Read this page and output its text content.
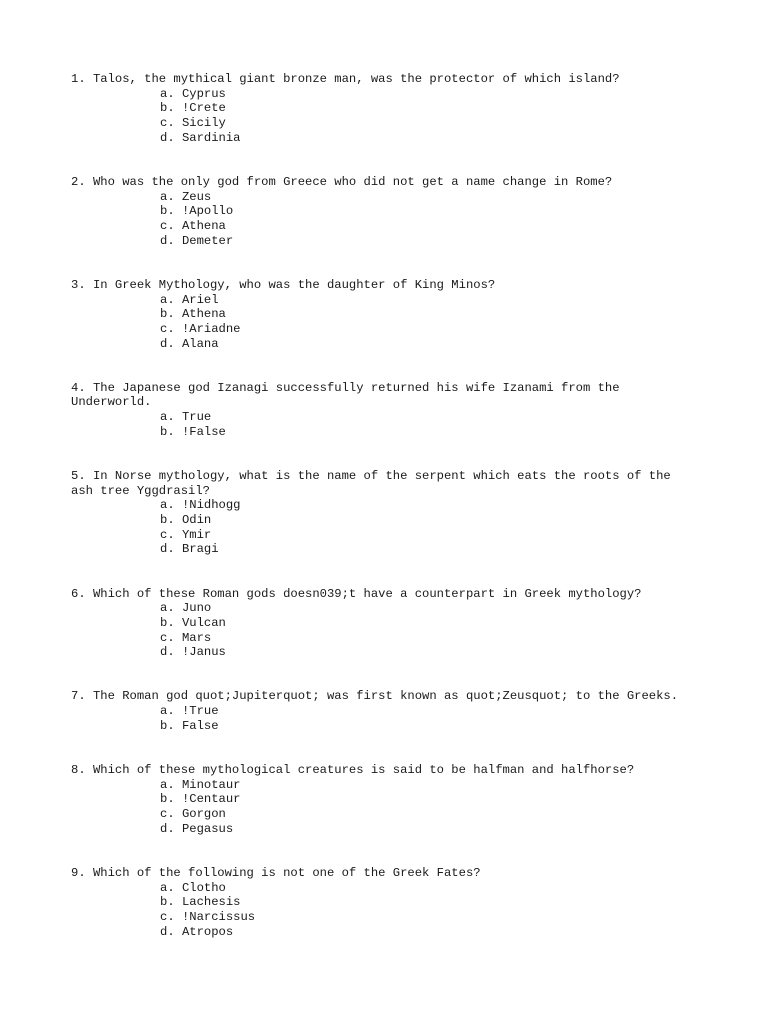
1. Talos, the mythical giant bronze man, was the protector of which island?

a. Cyprus
b. !Crete
c. Sicily
d. Sardinia

2. Who was the only god from Greece who did not get a name change in Rome?

a. Zeus
b. !Apollo
c. Athena
d. Demeter

3. In Greek Mythology, who was the daughter of King Minos?

a. Ariel
b. Athena
c. !Ariadne
d. Alana

4. The Japanese god Izanagi successfully returned his wife Izanami from the
Underworld.

a. True
b. !False

5. In Norse mythology, what is the name of the serpent which eats the roots of the
ash tree Yggdrasil?

a. !Nidhogg
b. Odin
c. Ymir
d. Bragi

6. Which of these Roman gods doesn039;t have a counterpart in Greek mythology?

a. Juno
b. Vulcan
c. Mars
d. !Janus

7. The Roman god quot;Jupiterquot; was first known as quot;Zeusquot; to the Greeks.

a. !True
b. False

8. Which of these mythological creatures is said to be halfman and halfhorse?

a. Minotaur
b. !Centaur
c. Gorgon
d. Pegasus

9. Which of the following is not one of the Greek Fates?

a. Clotho
b. Lachesis
c. !Narcissus
d. Atropos
